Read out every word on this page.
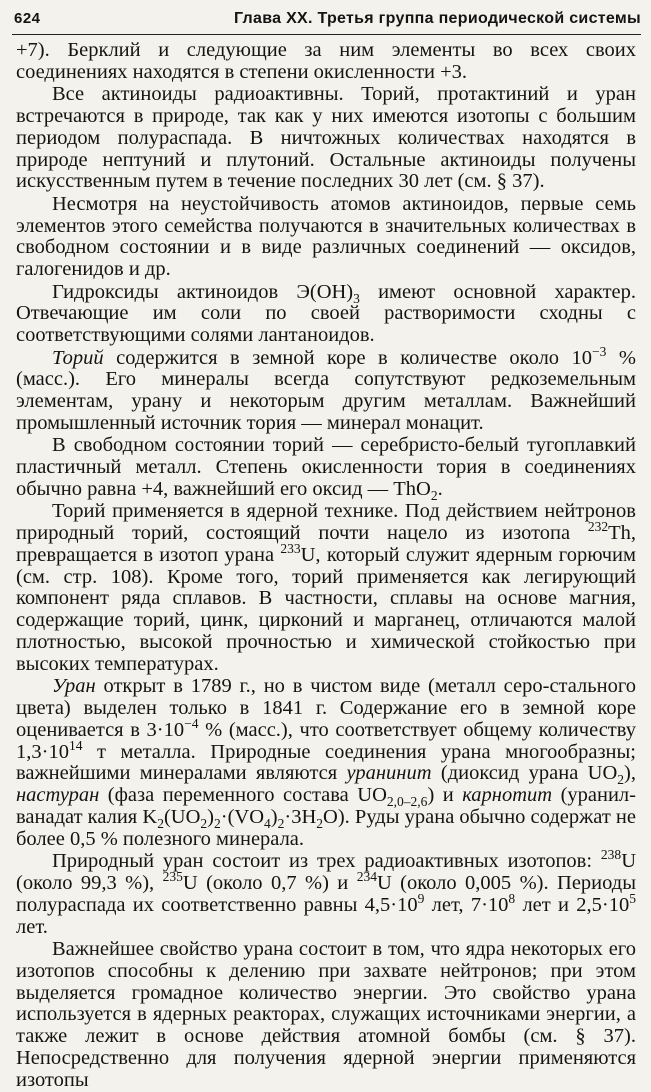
624	Глава XX. Третья группа периодической системы

+7). Берклий и следующие за ним элементы во всех своих соединениях находятся в степени окисленности +3.

Все актиноиды радиоактивны. Торий, протактиний и уран встречаются в природе, так как у них имеются изотопы с большим периодом полураспада. В ничтожных количествах находятся в природе нептуний и плутоний. Остальные актиноиды получены искусственным путем в течение последних 30 лет (см. § 37).

Несмотря на неустойчивость атомов актиноидов, первые семь элементов этого семейства получаются в значительных количествах в свободном состоянии и в виде различных соединений — оксидов, галогенидов и др.

Гидроксиды актиноидов $Э(ОН)_3$ имеют основной характер. Отвечающие им соли по своей растворимости сходны с соответствующими солями лантаноидов.

Торий содержится в земной коре в количестве около $10^{-3}$ % (масс.). Его минералы всегда сопутствуют редкоземельным элементам, урану и некоторым другим металлам. Важнейший промышленный источник тория — минерал монацит.

В свободном состоянии торий — серебристо-белый тугоплавкий пластичный металл. Степень окисленности тория в соединениях обычно равна +4, важнейший его оксид — ThO$_2$.

Торий применяется в ядерной технике. Под действием нейтронов природный торий, состоящий почти нацело из изотопа $^{232}$Th, превращается в изотоп урана $^{233}$U, который служит ядерным горючим (см. стр. 108). Кроме того, торий применяется как легирующий компонент ряда сплавов. В частности, сплавы на основе магния, содержащие торий, цинк, цирконий и марганец, отличаются малой плотностью, высокой прочностью и химической стойкостью при высоких температурах.

Уран открыт в 1789 г., но в чистом виде (металл серо-стального цвета) выделен только в 1841 г. Содержание его в земной коре оценивается в $3\cdot 10^{-4}$ % (масс.), что соответствует общему количеству $1,3\cdot 10^{14}$ т металла. Природные соединения урана многообразны; важнейшими минералами являются уранинит (диоксид урана $UO_2$), настуран (фаза переменного состава $UO_{2,0-2,6}$) и карнотит (уранил-ванадат калия $K_2(UO_2)_2\cdot(VO_4)_2\cdot 3H_2O$). Руды урана обычно содержат не более 0,5 % полезного минерала.

Природный уран состоит из трех радиоактивных изотопов: $^{238}$U (около 99,3 %), $^{235}$U (около 0,7 %) и $^{234}$U (около 0,005 %). Периоды полураспада их соответственно равны $4,5\cdot 10^9$ лет, $7\cdot 10^8$ лет и $2,5\cdot 10^5$ лет.

Важнейшее свойство урана состоит в том, что ядра некоторых его изотопов способны к делению при захвате нейтронов; при этом выделяется громадное количество энергии. Это свойство урана используется в ядерных реакторах, служащих источниками энергии, а также лежит в основе действия атомной бомбы (см. § 37). Непосредственно для получения ядерной энергии применяются изотопы
